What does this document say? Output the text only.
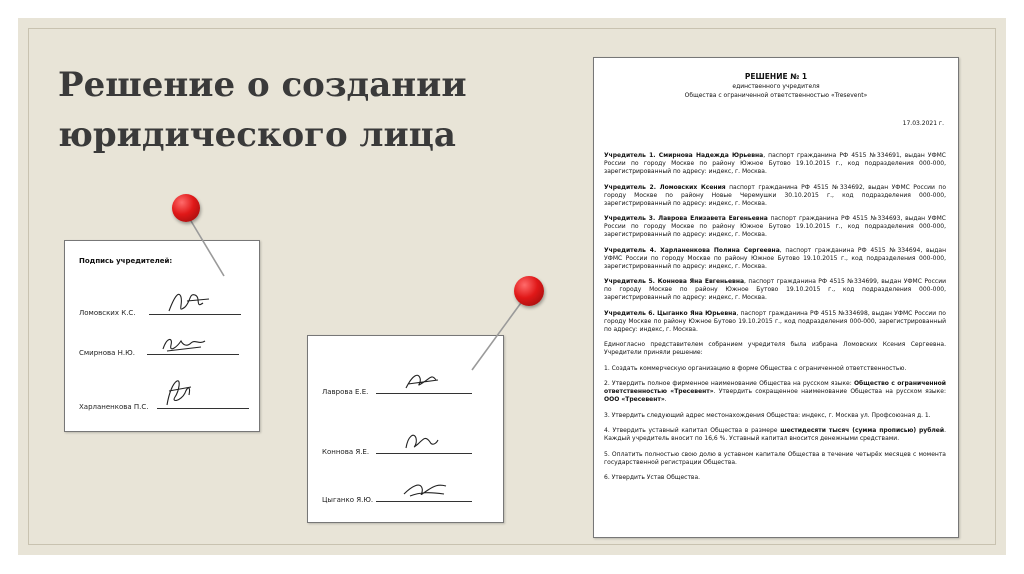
Решение о создании
юридического лица
Подпись учредителей:
Ломовских К.С.
Смирнова Н.Ю.
Харланенкова П.С.
Лаврова Е.Е.
Коннова Я.Е.
Цыганко Я.Ю.
РЕШЕНИЕ № 1
единственного учредителя
Общества с ограниченной ответственностью «Tresevent»
17.03.2021 г.

Учредитель 1. Смирнова Надежда Юрьевна, паспорт гражданина РФ 4515 №334691, выдан УФМС России по городу Москве по району Южное Бутово 19.10.2015 г., код подразделения 000-000, зарегистрированный по адресу: индекс, г. Москва.

Учредитель 2. Ломовских Ксения паспорт гражданина РФ 4515 №334692, выдан УФМС России по городу Москве по району Новые Черемушки 30.10.2015 г., код подразделения 000-000, зарегистрированный по адресу: индекс, г. Москва.

Учредитель 3. Лаврова Елизавета Евгеньевна паспорт гражданина РФ 4515 №334693, выдан УФМС России по городу Москве по району Южное Бутово 19.10.2015 г., код подразделения 000-000, зарегистрированный по адресу: индекс, г. Москва.

Учредитель 4. Харланенкова Полина Сергеевна, паспорт гражданина РФ 4515 №334694, выдан УФМС России по городу Москве по району Южное Бутово 19.10.2015 г., код подразделения 000-000, зарегистрированный по адресу: индекс, г. Москва.

Учредитель 5. Коннова Яна Евгеньевна, паспорт гражданина РФ 4515 №334699, выдан УФМС России по городу Москве по району Южное Бутово 19.10.2015 г., код подразделения 000-000, зарегистрированный по адресу: индекс, г. Москва.

Учредитель 6. Цыганко Яна Юрьевна, паспорт гражданина РФ 4515 №334698, выдан УФМС России по городу Москве по району Южное Бутово 19.10.2015 г., код подразделения 000-000, зарегистрированный по адресу: индекс, г. Москва.

Единогласно представителем собранием учредителя была избрана Ломовских Ксения Сергеевна. Учредители приняли решение:

1. Создать коммерческую организацию в форме Общества с ограниченной ответственностью.

2. Утвердить полное фирменное наименование Общества на русском языке: Общество с ограниченной ответственностью «Тресевент». Утвердить сокращенное наименование Общества на русском языке: ООО «Тресевент».

3. Утвердить следующий адрес местонахождения Общества: индекс, г. Москва ул. Профсоюзная д. 1.

4. Утвердить уставный капитал Общества в размере шестидесяти тысяч (сумма прописью) рублей. Каждый учредитель вносит по 16,6 %. Уставный капитал вносится денежными средствами.

5. Оплатить полностью свою долю в уставном капитале Общества в течение четырёх месяцев с момента государственной регистрации Общества.

6. Утвердить Устав Общества.
